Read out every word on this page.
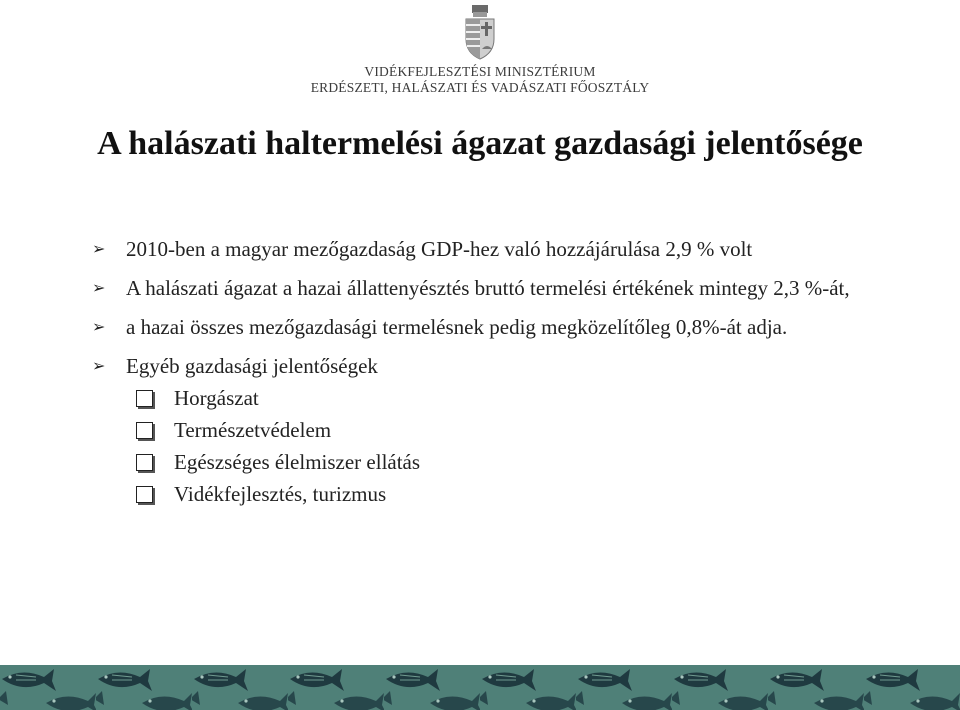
VIDÉKFEJLESZTÉSI MINISZTÉRIUM
ERDÉSZETI, HALÁSZATI ÉS VADÁSZATI FŐOSZTÁLY
A halászati haltermelési ágazat gazdasági jelentősége
➢ 2010-ben a magyar mezőgazdaság GDP-hez való hozzájárulása 2,9 % volt
➢ A halászati ágazat a hazai állattenyésztés bruttó termelési értékének mintegy 2,3 %-át,
➢ a hazai összes mezőgazdasági termelésnek pedig megközelítőleg 0,8%-át adja.
➢ Egyéb gazdasági jelentőségek
Horgászat
Természetvédelem
Egészséges élelmiszer ellátás
Vidékfejlesztés, turizmus
